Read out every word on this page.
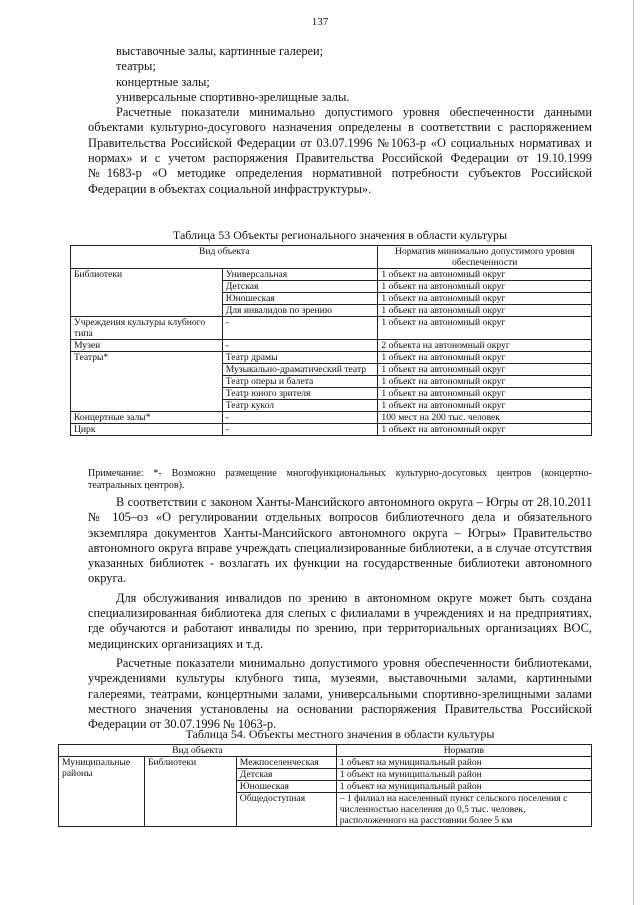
137

выставочные залы, картинные галереи;

театры;

концертные залы;

универсальные спортивно-зрелищные залы.

Расчетные показатели минимально допустимого уровня обеспеченности данными объектами культурно-досугового назначения определены в соответствии с распоряжением Правительства Российской Федерации от 03.07.1996 №1063-р «О социальных нормативах и нормах» и с учетом распоряжения Правительства Российской Федерации от 19.10.1999 №1683-р «О методике определения нормативной потребности субъектов Российской Федерации в объектах социальной инфраструктуры».

Таблица 53 Объекты регионального значения в области культуры
Вид объекта		Норматив минимально допустимого уровня обеспеченности
Библиотеки	Универсальная	1 объект на автономный округ
	Детская	1 объект на автономный округ
	Юношеская	1 объект на автономный округ
	Для инвалидов по зрению	1 объект на автономный округ
Учреждения культуры клубного типа	-	1 объект на автономный округ
Музеи	-	2 объекта на автономный округ
Театры*	Театр драмы	1 объект на автономный округ
	Музыкально-драматический театр	1 объект на автономный округ
	Театр оперы и балета	1 объект на автономный округ
	Театр юного зрителя	1 объект на автономный округ
	Театр кукол	1 объект на автономный округ
Концертные залы*	-	100 мест на 200 тыс. человек
Цирк	-	1 объект на автономный округ
Примечание: *- Возможно размещение многофункциональных культурно-досуговых центров (концертно-театральных центров).

В соответствии с законом Ханты-Мансийского автономного округа – Югры от 28.10.2011 № 105–оз «О регулировании отдельных вопросов библиотечного дела и обязательного экземпляра документов Ханты-Мансийского автономного округа – Югры» Правительство автономного округа вправе учреждать специализированные библиотеки, а в случае отсутствия указанных библиотек - возлагать их функции на государственные библиотеки автономного округа.

Для обслуживания инвалидов по зрению в автономном округе может быть создана специализированная библиотека для слепых с филиалами в учреждениях и на предприятиях, где обучаются и работают инвалиды по зрению, при территориальных организациях ВОС, медицинских организациях и т.д.

Расчетные показатели минимально допустимого уровня обеспеченности библиотеками, учреждениями культуры клубного типа, музеями, выставочными залами, картинными галереями, театрами, концертными залами, универсальными спортивно-зрелищными залами местного значения установлены на основании распоряжения Правительства Российской Федерации от 30.07.1996 № 1063-р.

Таблица 54. Объекты местного значения в области культуры
Вид объекта			Норматив
Муниципальные районы	Библиотеки	Межпоселенческая	1 объект на муниципальный район
		Детская	1 объект на муниципальный район
		Юношеская	1 объект на муниципальный район
		Общедоступная	– 1 филиал на населенный пункт сельского поселения с численностью населения до 0,5 тыс. человек, расположенного на расстоянии более 5 км
